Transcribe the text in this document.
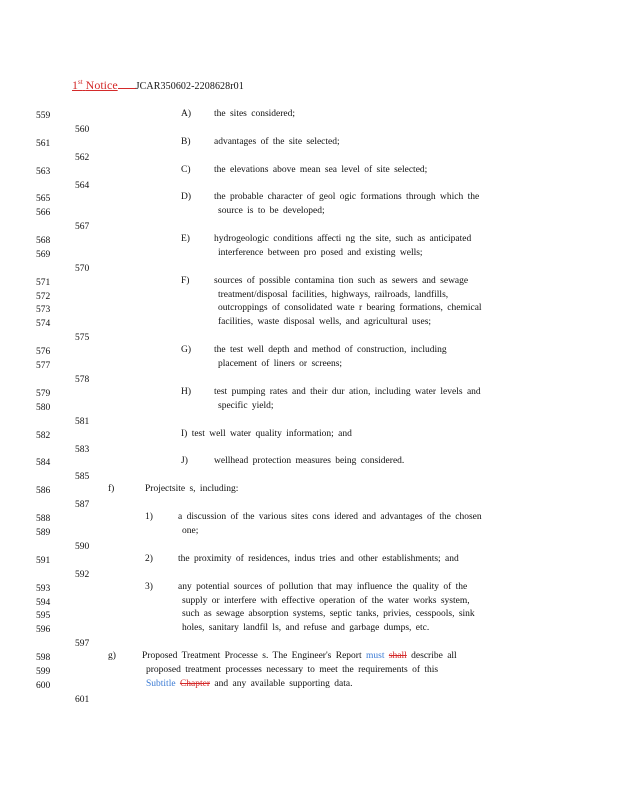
1st Notice JCAR350602-2208628r01
559
560
561
562
563
564
565
566
567
568
569
570
571
572
573
574
575
576
577
578
579
580
581
582
583
584
585
586
587
588
589
590
591
592
593
594
595
596
597
598
599
600
601
A) the sites considered;
B) advantages of the site selected;
C) the elevations above mean sea level of site selected;
D) the probable character of geol ogic formations through which the
source is to be developed;
E)	hydrogeologic conditions affecti ng the site, such as anticipated
interference between pro posed and existing wells;
F)	sources of possible contamina tion such as sewers and sewage
treatment/disposal facilities, highways, railroads, landfills,
outcroppings of consolidated wate r bearing formations, chemical
facilities, waste disposal wells, and agricultural uses;
G) the test well depth and method of construction, including
placement of liners or screens;
H) test pumping rates and their dur ation, including water levels and
specific yield;
I) test well water quality information; and
J)	wellhead protection measures being considered.
f)	Projectsite s, including:
1)	a discussion of the various sites cons idered and advantages of the chosen
one;
2)	the proximity of residences, indus tries and other establishments; and
3)	any potential sources of pollution that may influence the quality of the
supply or interfere with effective operation of the water works system,
such as sewage absorption systems, septic tanks, privies, cesspools, sink
holes, sanitary landfil ls, and refuse and garbage dumps, etc.
g)	Proposed Treatment Processe s. The Engineer's Report must shall describe all
proposed treatment processes necessary to meet the requirements of this
Subtitle Chapter and any available supporting data.
